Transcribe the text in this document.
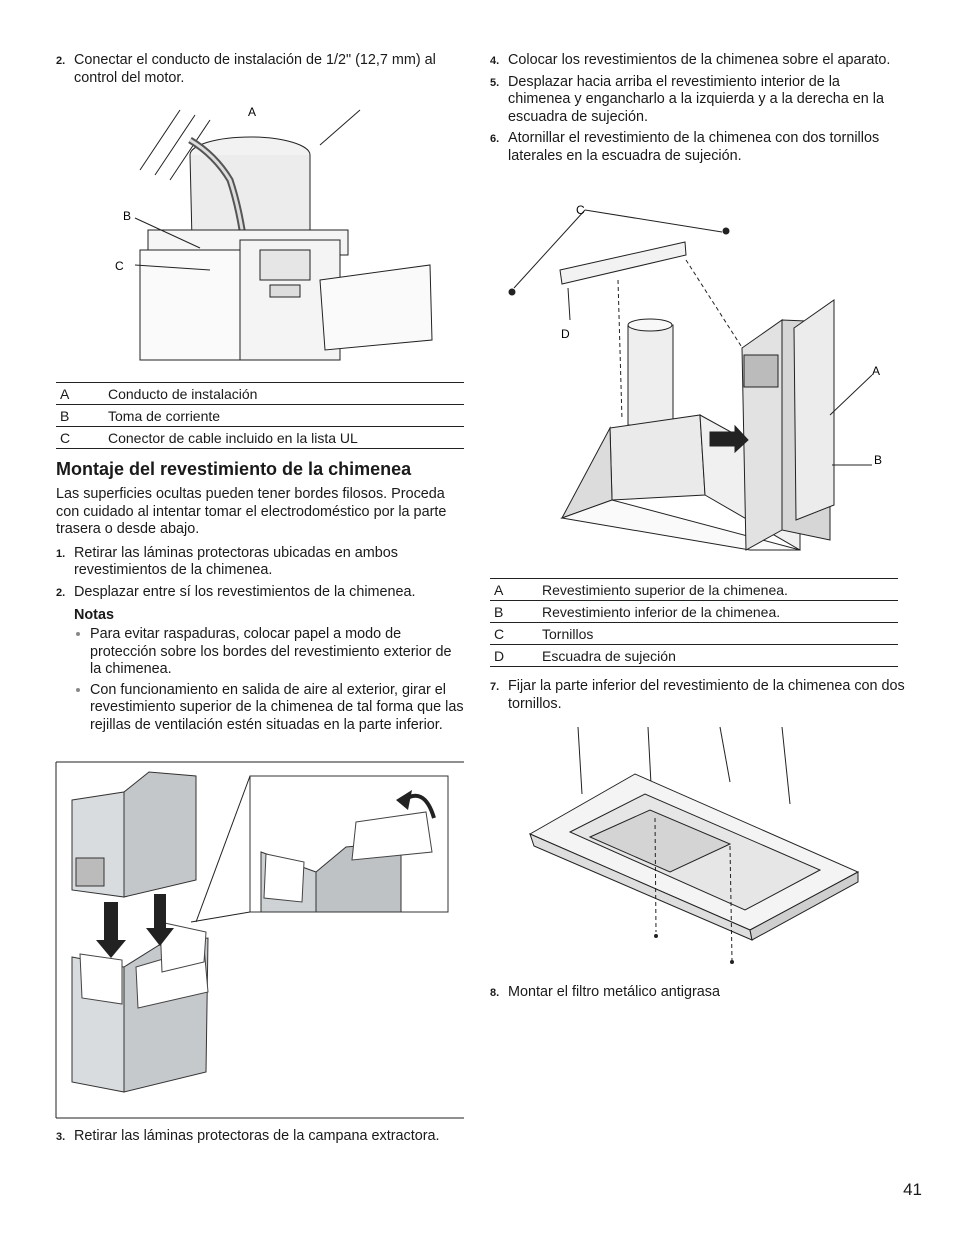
2. Conectar el conducto de instalación de 1/2" (12,7 mm) al control del motor.
A
B
C
A	Conducto de instalación
B	Toma de corriente
C	Conector de cable incluido en la lista UL
Montaje del revestimiento de la chimenea

Las superficies ocultas pueden tener bordes filosos. Proceda con cuidado al intentar tomar el electrodoméstico por la parte trasera o desde abajo.

1. Retirar las láminas protectoras ubicadas en ambos revestimientos de la chimenea.
2. Desplazar entre sí los revestimientos de la chimenea.
Notas
Para evitar raspaduras, colocar papel a modo de protección sobre los bordes del revestimiento exterior de la chimenea.
Con funcionamiento en salida de aire al exterior, girar el revestimiento superior de la chimenea de tal forma que las rejillas de ventilación estén situadas en la parte inferior.
3. Retirar las láminas protectoras de la campana extractora.
4. Colocar los revestimientos de la chimenea sobre el aparato.
5. Desplazar hacia arriba el revestimiento interior de la chimenea y engancharlo a la izquierda y a la derecha en la escuadra de sujeción.
6. Atornillar el revestimiento de la chimenea con dos tornillos laterales en la escuadra de sujeción.
C
D
A
B
A	Revestimiento superior de la chimenea.
B	Revestimiento inferior de la chimenea.
C	Tornillos
D	Escuadra de sujeción
7. Fijar la parte inferior del revestimiento de la chimenea con dos tornillos.
8. Montar el filtro metálico antigrasa
41
